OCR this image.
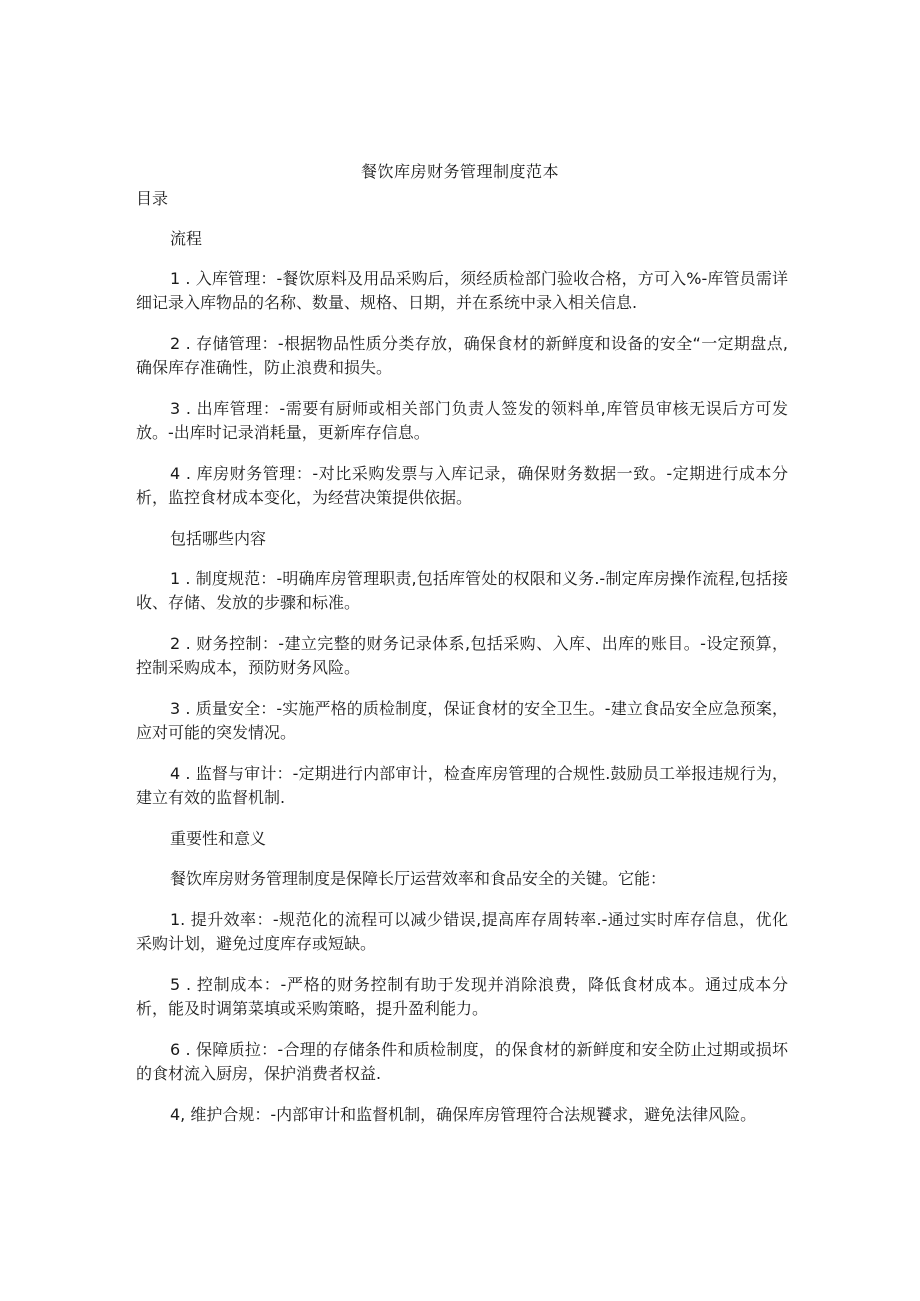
餐饮库房财务管理制度范本
目录
流程

1 . 入库管理：-餐饮原料及用品采购后，须经质检部门验收合格，方可入%-库管员需详细记录入库物品的名称、数量、规格、日期，并在系统中录入相关信息.

2 . 存储管理：-根据物品性质分类存放，确保食材的新鲜度和设备的安全“一定期盘点,确保库存准确性，防止浪费和损失。

3 . 出库管理：-需要有厨师或相关部门负责人签发的领料单,库管员审核无误后方可发放。-出库时记录消耗量，更新库存信息。

4 . 库房财务管理：-对比采购发票与入库记录，确保财务数据一致。-定期进行成本分析，监控食材成本变化，为经营决策提供依据。

包括哪些内容

1 . 制度规范：-明确库房管理职责,包括库管处的权限和义务.-制定库房操作流程,包括接收、存储、发放的步骤和标准。

2 . 财务控制：-建立完整的财务记录体系,包括采购、入库、出库的账目。-设定预算，控制采购成本，预防财务风险。

3 . 质量安全：-实施严格的质检制度，保证食材的安全卫生。-建立食品安全应急预案，应对可能的突发情况。

4 . 监督与审计：-定期进行内部审计，检查库房管理的合规性.鼓励员工举报违规行为，建立有效的监督机制.

重要性和意义

餐饮库房财务管理制度是保障长厅运营效率和食品安全的关键。它能：

1. 提升效率：-规范化的流程可以减少错误,提高库存周转率.-通过实时库存信息，优化采购计划，避免过度库存或短缺。

5 . 控制成本：-严格的财务控制有助于发现并消除浪费，降低食材成本。通过成本分析，能及时调第菜填或采购策略，提升盈利能力。

6 . 保障质拉：-合理的存储条件和质检制度，的保食材的新鲜度和安全防止过期或损坏的食材流入厨房，保护消费者权益.

4, 维护合规：-内部审计和监督机制，确保库房管理符合法规饕求，避免法律风险。
